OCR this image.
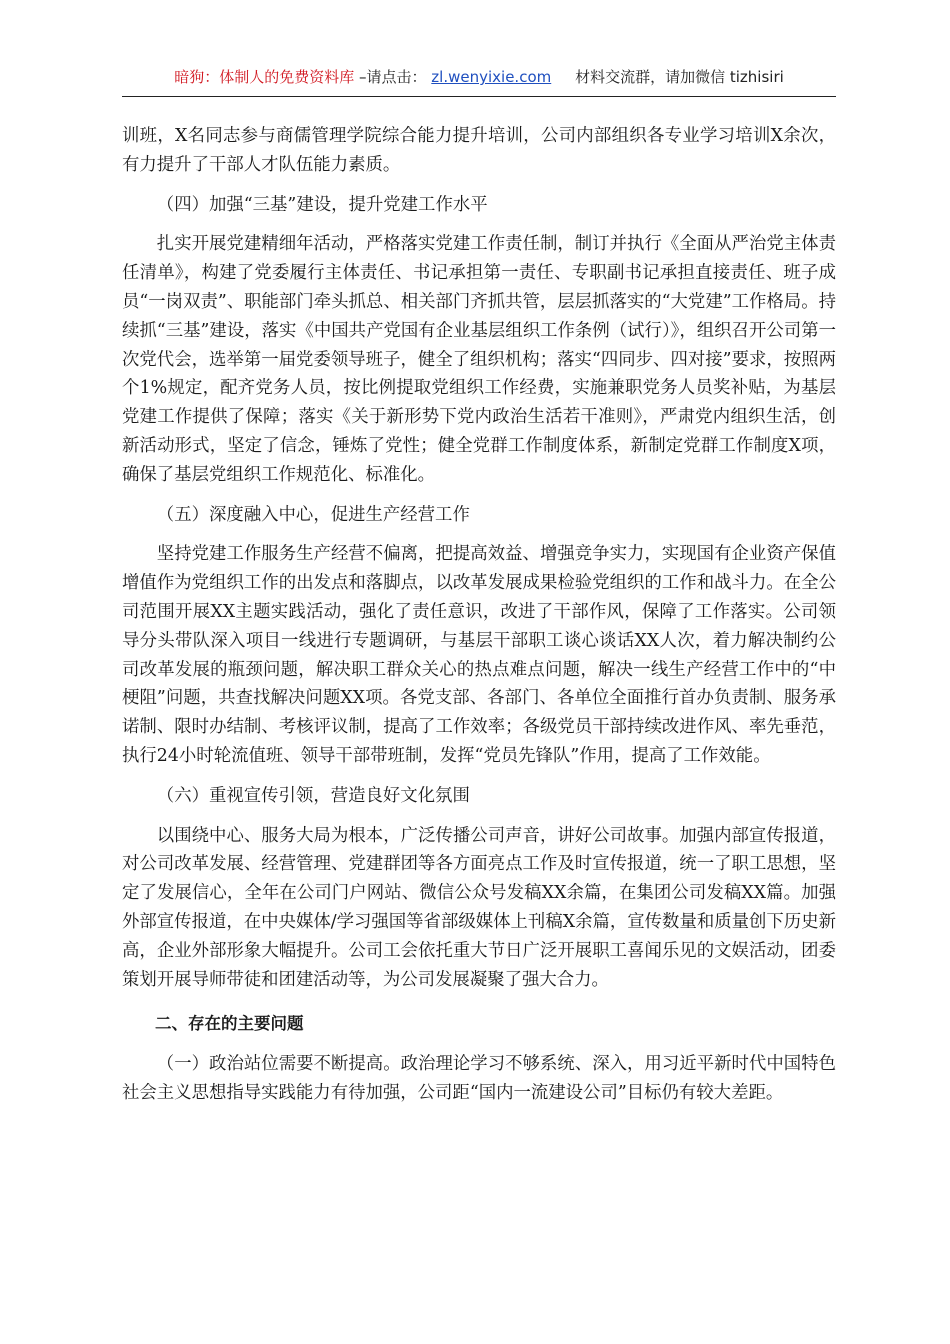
暗狗：体制人的免费资料库 –请点击： zl.wenyixie.com 材料交流群，请加微信 tizhisiri

训班，X名同志参与商儒管理学院综合能力提升培训，公司内部组织各专业学习培训X余次，有力提升了干部人才队伍能力素质。

（四）加强“三基”建设，提升党建工作水平

扎实开展党建精细年活动，严格落实党建工作责任制，制订并执行《全面从严治党主体责任清单》，构建了党委履行主体责任、书记承担第一责任、专职副书记承担直接责任、班子成员“一岗双责”、职能部门牵头抓总、相关部门齐抓共管，层层抓落实的“大党建”工作格局。持续抓“三基”建设，落实《中国共产党国有企业基层组织工作条例（试行）》，组织召开公司第一次党代会，选举第一届党委领导班子，健全了组织机构；落实“四同步、四对接”要求，按照两个1%规定，配齐党务人员，按比例提取党组织工作经费，实施兼职党务人员奖补贴，为基层党建工作提供了保障；落实《关于新形势下党内政治生活若干准则》，严肃党内组织生活，创新活动形式，坚定了信念，锤炼了党性；健全党群工作制度体系，新制定党群工作制度X项，确保了基层党组织工作规范化、标准化。

（五）深度融入中心，促进生产经营工作

坚持党建工作服务生产经营不偏离，把提高效益、增强竞争实力，实现国有企业资产保值增值作为党组织工作的出发点和落脚点，以改革发展成果检验党组织的工作和战斗力。在全公司范围开展XX主题实践活动，强化了责任意识，改进了干部作风，保障了工作落实。公司领导分头带队深入项目一线进行专题调研，与基层干部职工谈心谈话XX人次，着力解决制约公司改革发展的瓶颈问题，解决职工群众关心的热点难点问题，解决一线生产经营工作中的“中梗阻”问题，共查找解决问题XX项。各党支部、各部门、各单位全面推行首办负责制、服务承诺制、限时办结制、考核评议制，提高了工作效率；各级党员干部持续改进作风、率先垂范，执行24小时轮流值班、领导干部带班制，发挥“党员先锋队”作用，提高了工作效能。

（六）重视宣传引领，营造良好文化氛围

以围绕中心、服务大局为根本，广泛传播公司声音，讲好公司故事。加强内部宣传报道，对公司改革发展、经营管理、党建群团等各方面亮点工作及时宣传报道，统一了职工思想，坚定了发展信心，全年在公司门户网站、微信公众号发稿XX余篇，在集团公司发稿XX篇。加强外部宣传报道，在中央媒体/学习强国等省部级媒体上刊稿X余篇，宣传数量和质量创下历史新高，企业外部形象大幅提升。公司工会依托重大节日广泛开展职工喜闻乐见的文娱活动，团委策划开展导师带徒和团建活动等，为公司发展凝聚了强大合力。

二、存在的主要问题

（一）政治站位需要不断提高。政治理论学习不够系统、深入，用习近平新时代中国特色社会主义思想指导实践能力有待加强，公司距“国内一流建设公司”目标仍有较大差距。
